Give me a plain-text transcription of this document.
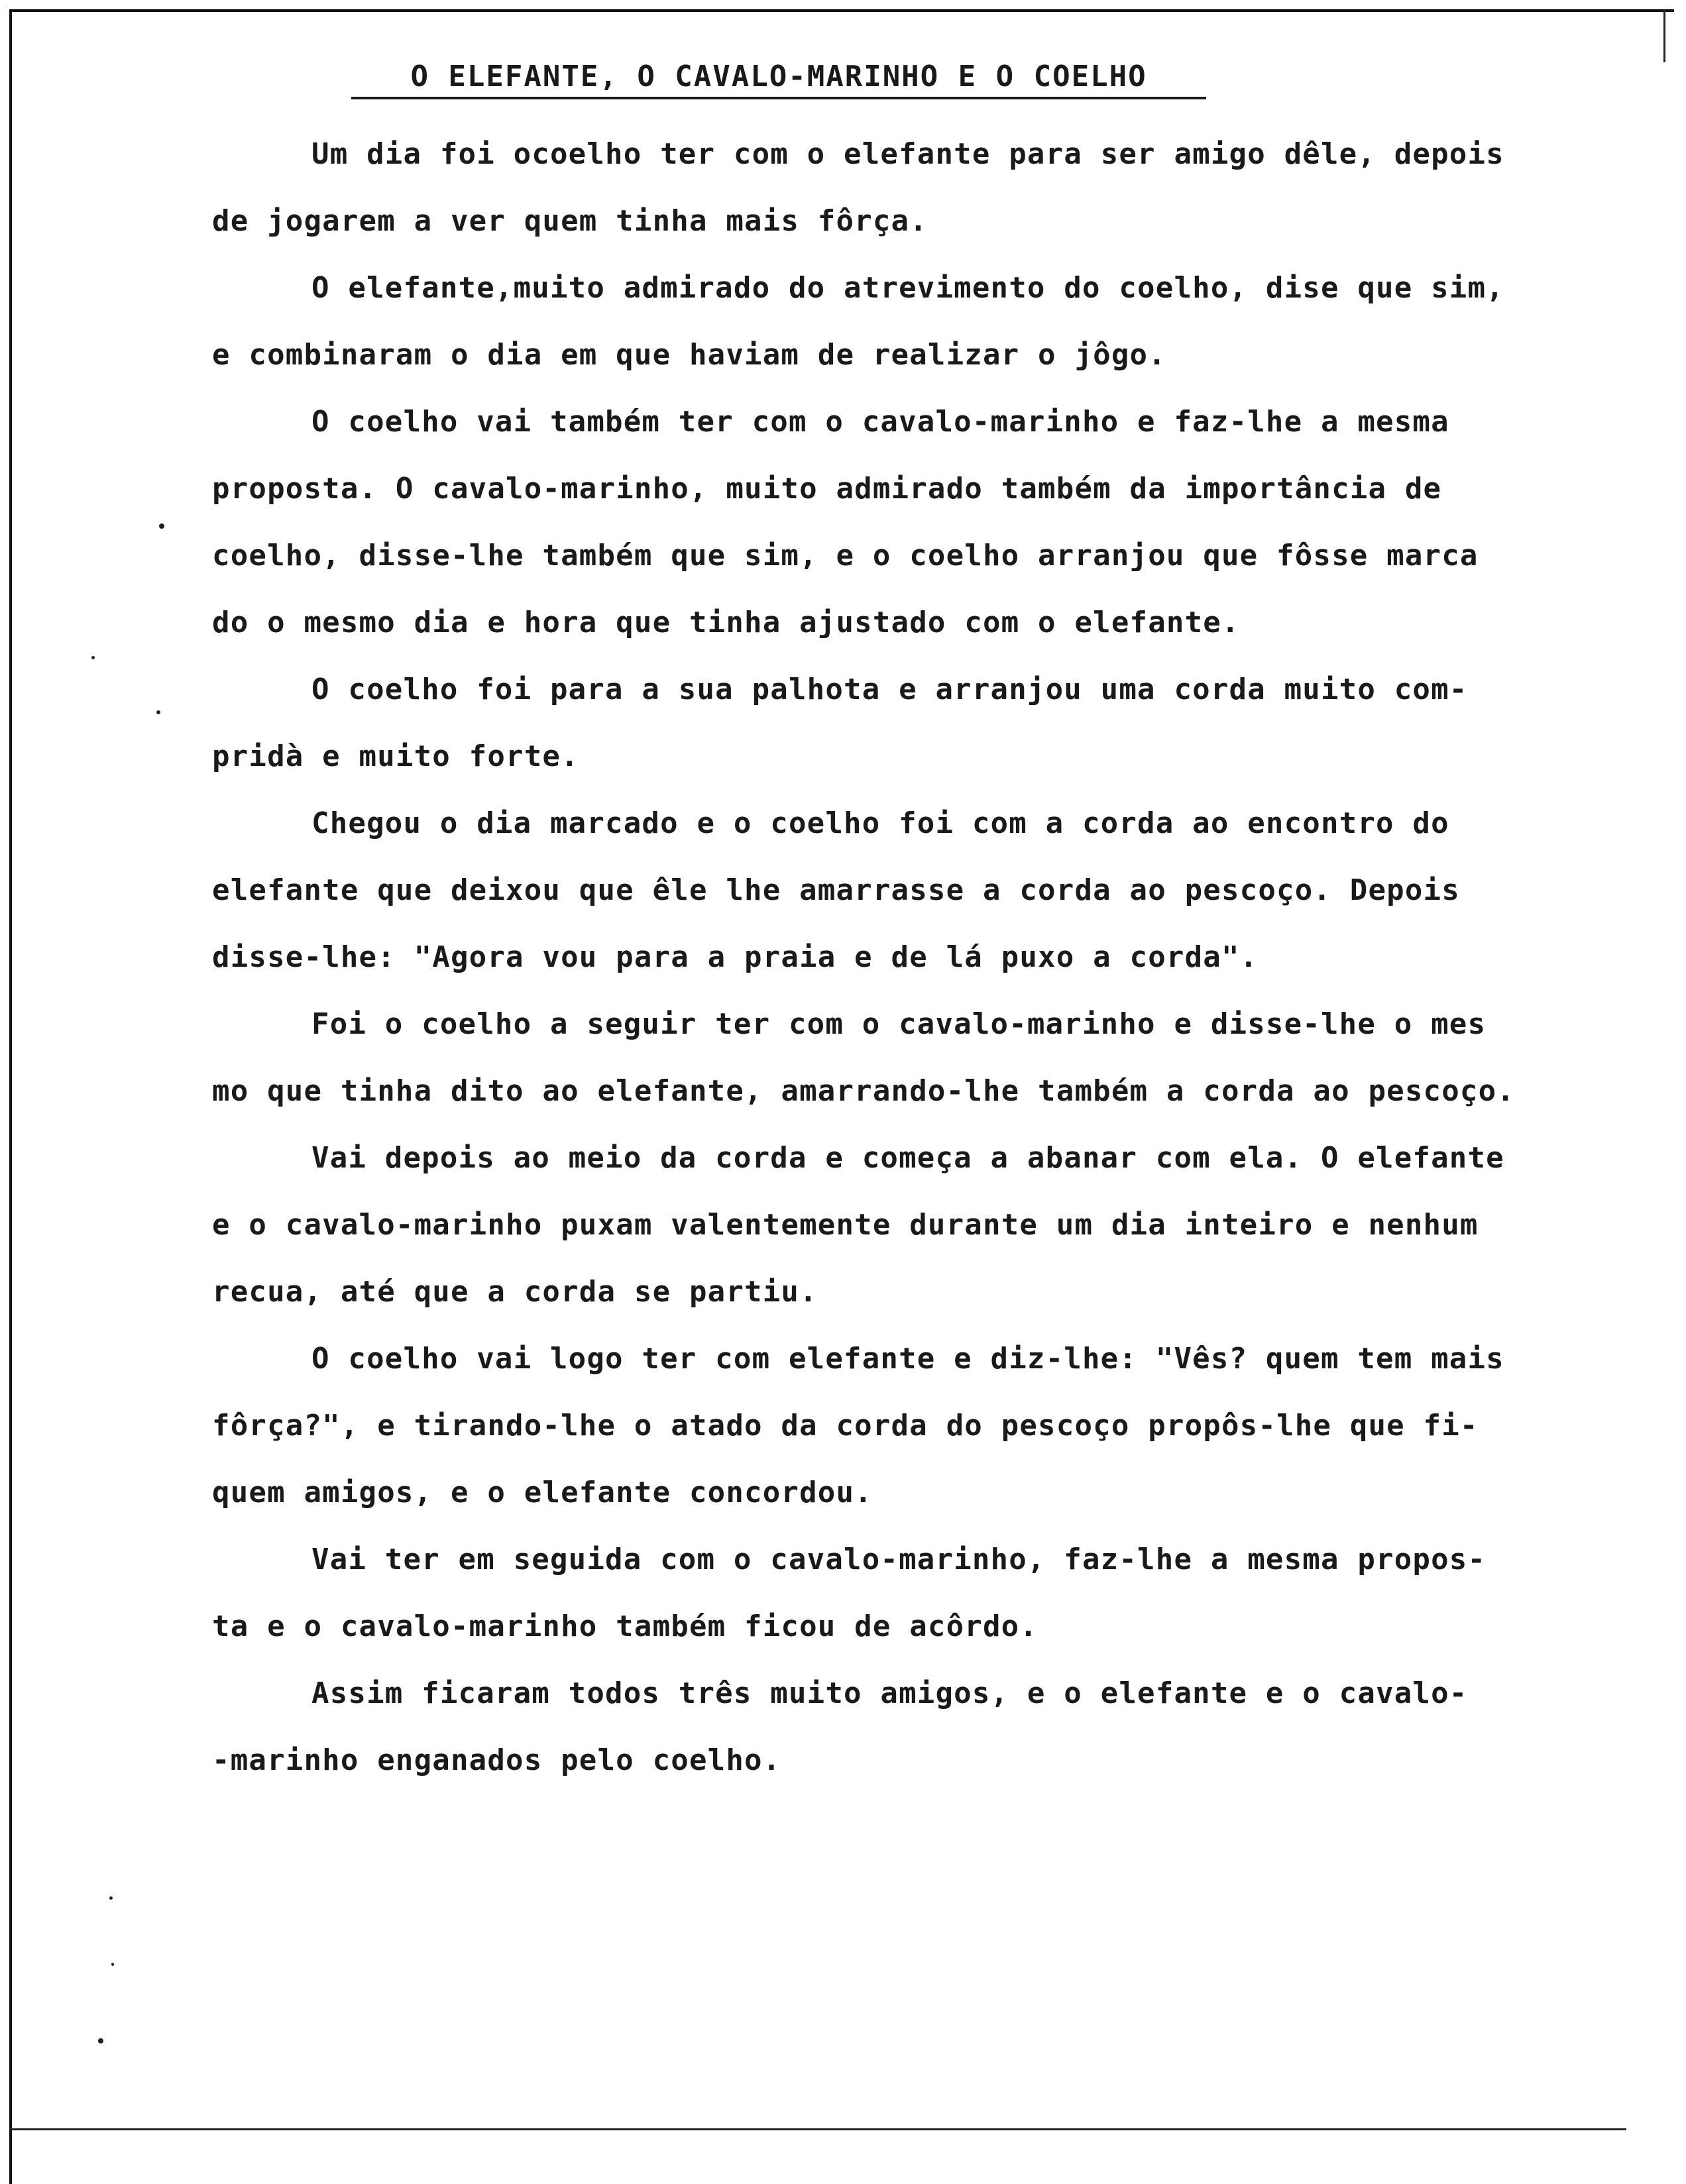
O ELEFANTE, O CAVALO-MARINHO E O COELHO
Um dia foi ocoelho ter com o elefante para ser amigo dêle, depois
de jogarem a ver quem tinha mais fôrça.
O elefante,muito admirado do atrevimento do coelho, dise que sim,
e combinaram o dia em que haviam de realizar o jôgo.
O coelho vai também ter com o cavalo-marinho e faz-lhe a mesma
proposta. O cavalo-marinho, muito admirado também da importância de
coelho, disse-lhe também que sim, e o coelho arranjou que fôsse marca
do o mesmo dia e hora que tinha ajustado com o elefante.
O coelho foi para a sua palhota e arranjou uma corda muito com-
pridà e muito forte.
Chegou o dia marcado e o coelho foi com a corda ao encontro do
elefante que deixou que êle lhe amarrasse a corda ao pescoço. Depois
disse-lhe: "Agora vou para a praia e de lá puxo a corda".
Foi o coelho a seguir ter com o cavalo-marinho e disse-lhe o mes
mo que tinha dito ao elefante, amarrando-lhe também a corda ao pescoço.
Vai depois ao meio da corda e começa a abanar com ela. O elefante
e o cavalo-marinho puxam valentemente durante um dia inteiro e nenhum
recua, até que a corda se partiu.
O coelho vai logo ter com elefante e diz-lhe: "Vês? quem tem mais
fôrça?", e tirando-lhe o atado da corda do pescoço propôs-lhe que fi-
quem amigos, e o elefante concordou.
Vai ter em seguida com o cavalo-marinho, faz-lhe a mesma propos-
ta e o cavalo-marinho também ficou de acôrdo.
Assim ficaram todos três muito amigos, e o elefante e o cavalo-
-marinho enganados pelo coelho.
